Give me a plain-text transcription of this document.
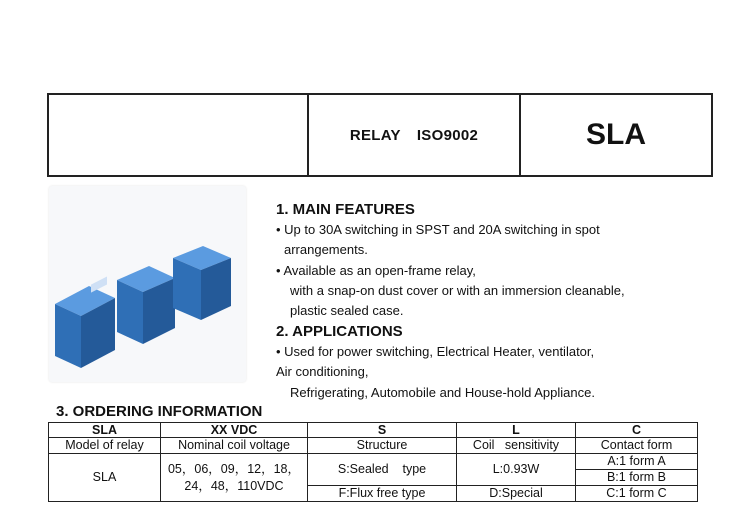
RELAY ISO9002	SLA
1. MAIN FEATURES
• Up to 30A switching in SPST and 20A switching in spot
arrangements.
• Available as an open-frame relay,
with a snap-on dust cover or with an immersion cleanable,
plastic sealed case.
2. APPLICATIONS
• Used for power switching, Electrical Heater, ventilator,
Air conditioning,
Refrigerating, Automobile and House-hold Appliance.
3. ORDERING INFORMATION
SLA	XX VDC	S	L	C
Model of relay	Nominal coil voltage	Structure	Coil   sensitivity	Contact form
SLA	05，06，09，12，18，
24，48，110VDC	S:Sealed    type	L:0.93W	A:1 form A
				B:1 form B
		F:Flux free type	D:Special	C:1 form C
